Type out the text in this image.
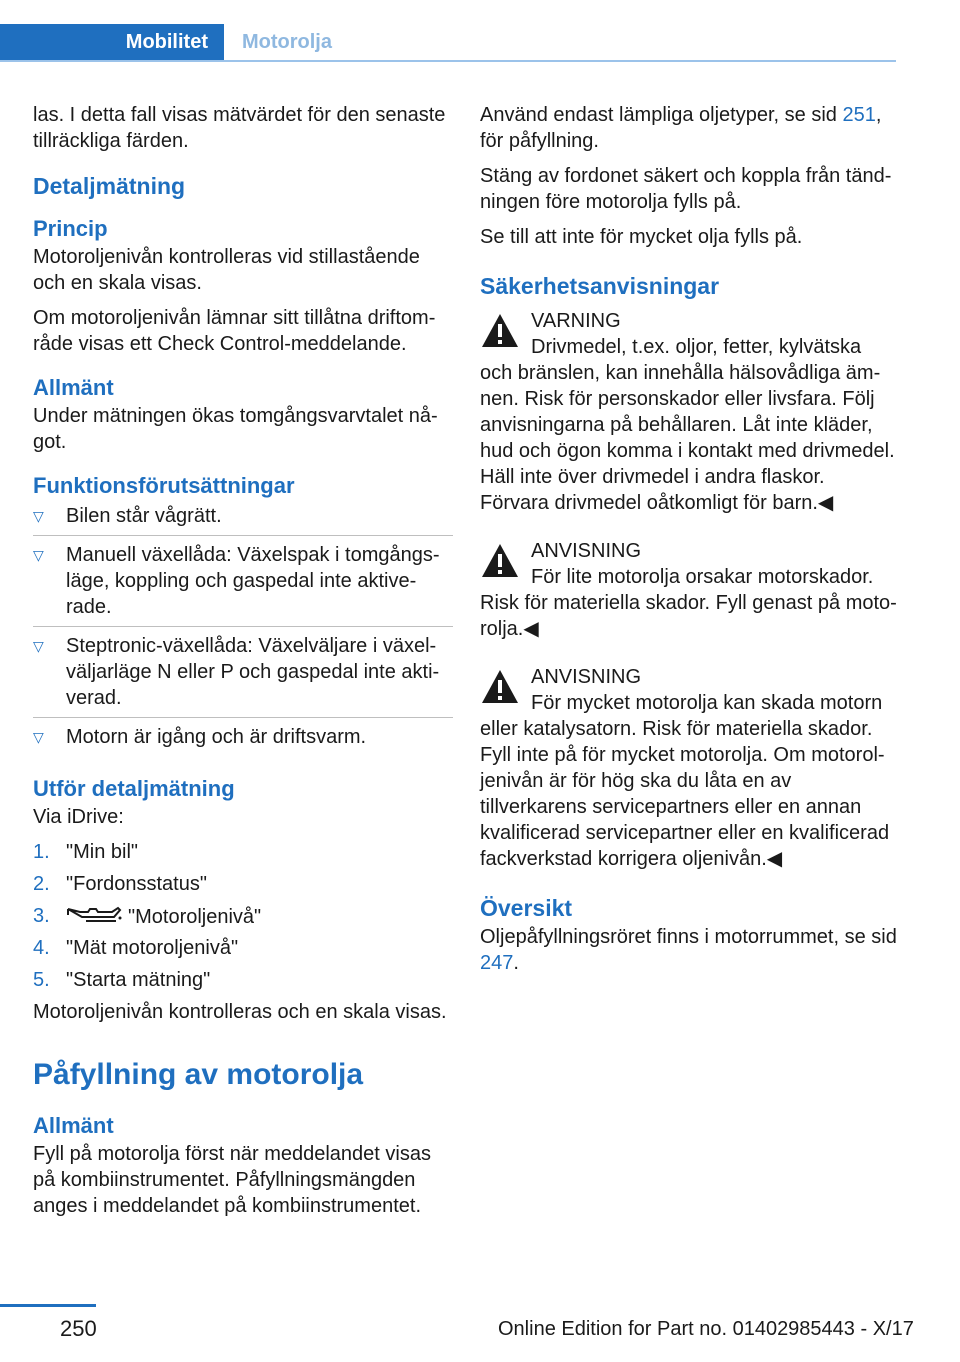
Mobilitet	Motorolja

las. I detta fall visas mätvärdet för den senaste tillräckliga färden.

Detaljmätning
Princip

Motoroljenivån kontrolleras vid stillastående och en skala visas.

Om motoroljenivån lämnar sitt tillåtna driftområde visas ett Check Control-meddelande.

Allmänt

Under mätningen ökas tomgångsvarvtalet något.

Funktionsförutsättningar
▽ Bilen står vågrätt.
▽ Manuell växellåda: Växelspak i tomgångsläge, koppling och gaspedal inte aktiverade.
▽ Steptronic-växellåda: Växelväljare i växelväljarläge N eller P och gaspedal inte aktiverad.
▽ Motorn är igång och är driftsvarm.
Utför detaljmätning

Via iDrive:

1. "Min bil"
2. "Fordonsstatus"
3.	"Motoroljenivå"
4. "Mät motoroljenivå"
5. "Starta mätning"

Motoroljenivån kontrolleras och en skala visas.

Påfyllning av motorolja
Allmänt

Fyll på motorolja först när meddelandet visas på kombiinstrumentet. Påfyllningsmängden anges i meddelandet på kombiinstrumentet.

Använd endast lämpliga oljetyper, se sid 251, för påfyllning.

Stäng av fordonet säkert och koppla från tändningen före motorolja fylls på.

Se till att inte för mycket olja fylls på.

Säkerhetsanvisningar
VARNING
Drivmedel, t.ex. oljor, fetter, kylvätska
och bränslen, kan innehålla hälsovådliga ämnen. Risk för personskador eller livsfara. Följ anvisningarna på behållaren. Låt inte kläder, hud och ögon komma i kontakt med drivmedel. Häll inte över drivmedel i andra flaskor. Förvara drivmedel oåtkomligt för barn.◀
ANVISNING
För lite motorolja orsakar motorskador.
Risk för materiella skador. Fyll genast på motorolja.◀
ANVISNING
För mycket motorolja kan skada motorn
eller katalysatorn. Risk för materiella skador. Fyll inte på för mycket motorolja. Om motoroljenivån är för hög ska du låta en av tillverkarens servicepartners eller en annan kvalificerad servicepartner eller en kvalificerad fackverkstad korrigera oljenivån.◀
Översikt

Oljepåfyllningsröret finns i motorrummet, se sid 247.

250	Online Edition for Part no. 01402985443 - X/17
